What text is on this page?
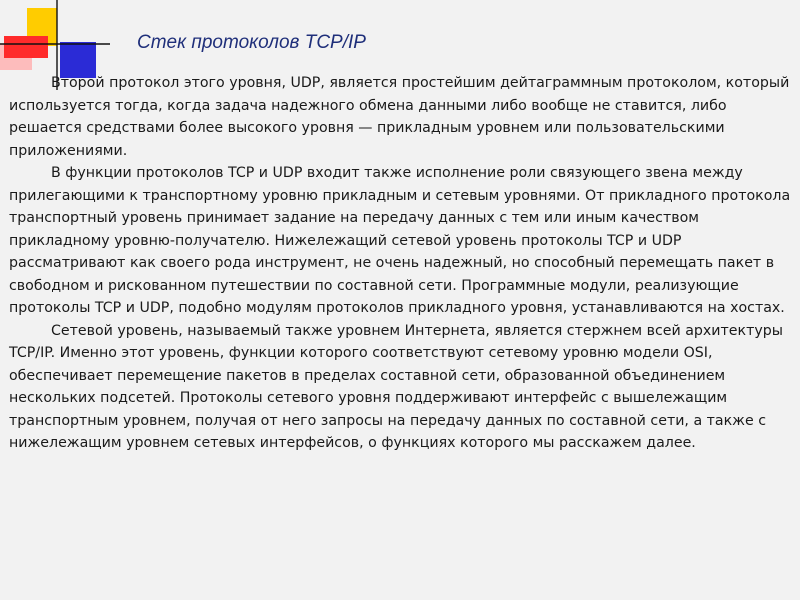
Стек протоколов TCP/IP

Второй протокол этого уровня, UDP, является простейшим дейтаграммным протоколом, который используется тогда, когда задача надежного обмена данными либо вообще не ставится, либо решается средствами более высокого уровня — прикладным уровнем или пользовательскими приложениями.

В функции протоколов TCP и UDP входит также исполнение роли связующего звена между прилегающими к транспортному уровню прикладным и сетевым уровнями. От прикладного протокола транспортный уровень принимает задание на передачу данных с тем или иным качеством прикладному уровню-получателю. Нижележащий сетевой уровень протоколы TCP и UDP рассматривают как своего рода инструмент, не очень надежный, но способный перемещать пакет в свободном и рискованном путешествии по составной сети. Программные модули, реализующие протоколы TCP и UDP, подобно модулям протоколов прикладного уровня, устанавливаются на хостах.

Сетевой уровень, называемый также уровнем Интернета, является стержнем всей архитектуры TCP/IP. Именно этот уровень, функции которого соответствуют сетевому уровню модели OSI, обеспечивает перемещение пакетов в пределах составной сети, образованной объединением нескольких подсетей. Протоколы сетевого уровня поддерживают интерфейс с вышележащим транспортным уровнем, получая от него запросы на передачу данных по составной сети, а также с нижележащим уровнем сетевых интерфейсов, о функциях которого мы расскажем далее.
